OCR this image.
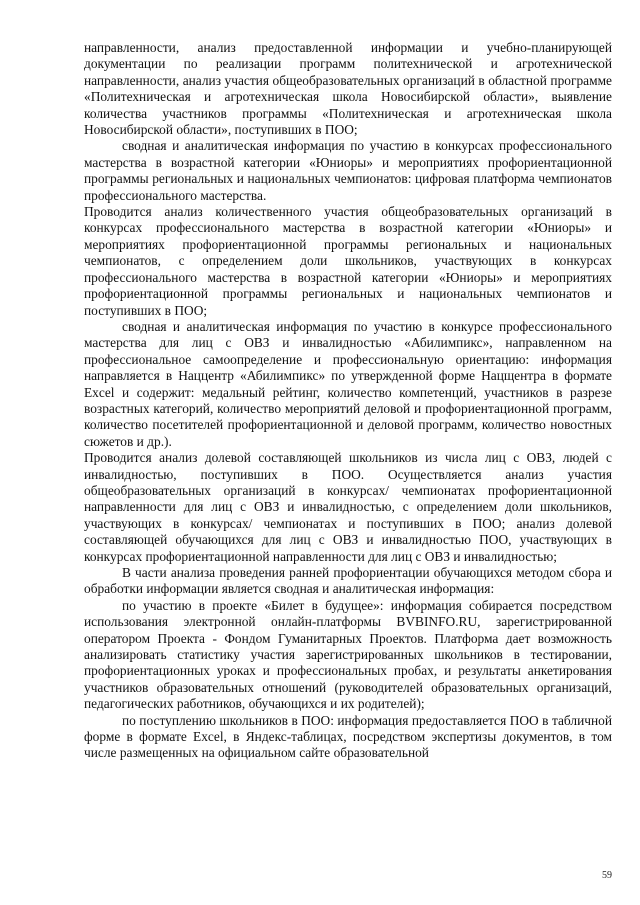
направленности, анализ предоставленной информации и учебно-планирующей документации по реализации программ политехнической и агротехнической направленности, анализ участия общеобразовательных организаций в областной программе «Политехническая и агротехническая школа Новосибирской области», выявление количества участников программы «Политехническая и агротехническая школа Новосибирской области», поступивших в ПОО;

сводная и аналитическая информация по участию в конкурсах профессионального мастерства в возрастной категории «Юниоры» и мероприятиях профориентационной программы региональных и национальных чемпионатов: цифровая платформа чемпионатов профессионального мастерства.

Проводится анализ количественного участия общеобразовательных организаций в конкурсах профессионального мастерства в возрастной категории «Юниоры» и мероприятиях профориентационной программы региональных и национальных чемпионатов, с определением доли школьников, участвующих в конкурсах профессионального мастерства в возрастной категории «Юниоры» и мероприятиях профориентационной программы региональных и национальных чемпионатов и поступивших в ПОО;

сводная и аналитическая информация по участию в конкурсе профессионального мастерства для лиц с ОВЗ и инвалидностью «Абилимпикс», направленном на профессиональное самоопределение и профессиональную ориентацию: информация направляется в Наццентр «Абилимпикс» по утвержденной форме Нацщентра в формате Excel и содержит: медальный рейтинг, количество компетенций, участников в разрезе возрастных категорий, количество мероприятий деловой и профориентационной программ, количество посетителей профориентационной и деловой программ, количество новостных сюжетов и др.).

Проводится анализ долевой составляющей школьников из числа лиц с ОВЗ, людей с инвалидностью, поступивших в ПОО. Осуществляется анализ участия общеобразовательных организаций в конкурсах/ чемпионатах профориентационной направленности для лиц с ОВЗ и инвалидностью, с определением доли школьников, участвующих в конкурсах/ чемпионатах и поступивших в ПОО; анализ долевой составляющей обучающихся для лиц с ОВЗ и инвалидностью ПОО, участвующих в конкурсах профориентационной направленности для лиц с ОВЗ и инвалидностью;

В части анализа проведения ранней профориентации обучающихся методом сбора и обработки информации является сводная и аналитическая информация:

по участию в проекте «Билет в будущее»: информация собирается посредством использования электронной онлайн-платформы BVBINFO.RU, зарегистрированной оператором Проекта - Фондом Гуманитарных Проектов. Платформа дает возможность анализировать статистику участия зарегистрированных школьников в тестировании, профориентационных уроках и профессиональных пробах, и результаты анкетирования участников образовательных отношений (руководителей образовательных организаций, педагогических работников, обучающихся и их родителей);

по поступлению школьников в ПОО: информация предоставляется ПОО в табличной форме в формате Excel, в Яндекс-таблицах, посредством экспертизы документов, в том числе размещенных на официальном сайте образовательной

59
